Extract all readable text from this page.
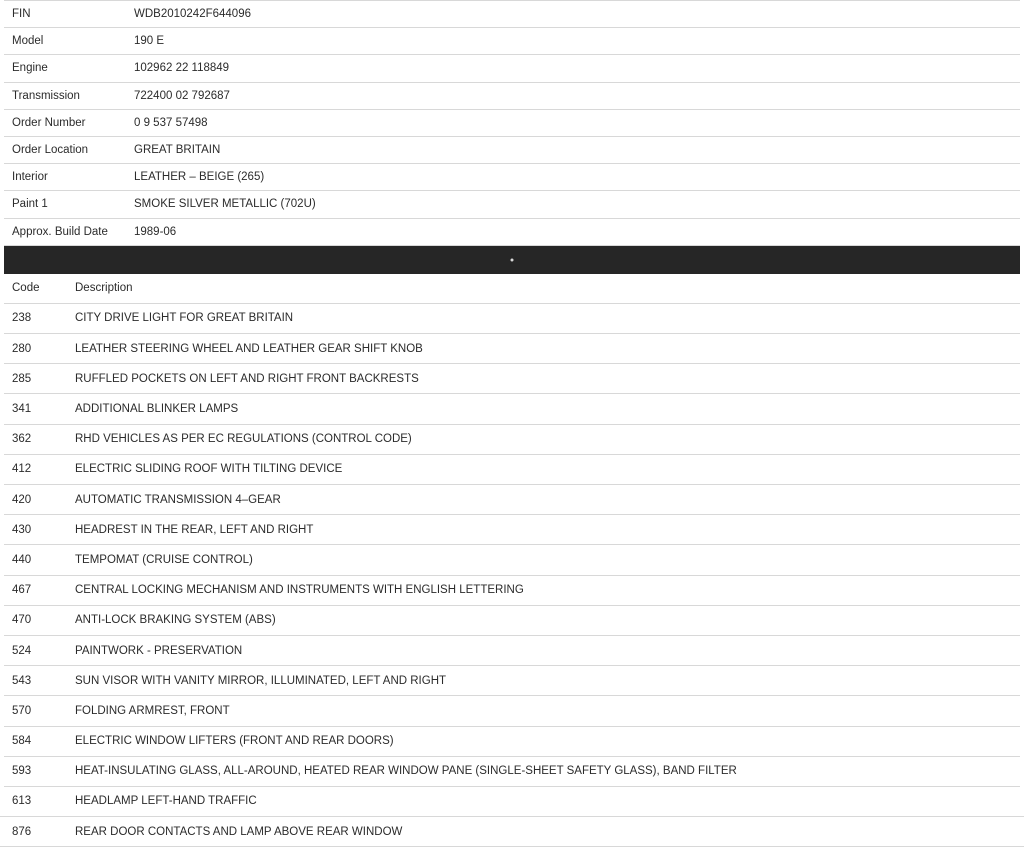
FIN	WDB2010242F644096
Model	190 E
Engine	102962 22 118849
Transmission	722400 02 792687
Order Number	0 9 537 57498
Order Location	GREAT BRITAIN
Interior	LEATHER – BEIGE (265)
Paint 1	SMOKE SILVER METALLIC (702U)
Approx. Build Date	1989-06
Code	Description
238	CITY DRIVE LIGHT FOR GREAT BRITAIN
280	LEATHER STEERING WHEEL AND LEATHER GEAR SHIFT KNOB
285	RUFFLED POCKETS ON LEFT AND RIGHT FRONT BACKRESTS
341	ADDITIONAL BLINKER LAMPS
362	RHD VEHICLES AS PER EC REGULATIONS (CONTROL CODE)
412	ELECTRIC SLIDING ROOF WITH TILTING DEVICE
420	AUTOMATIC TRANSMISSION 4–GEAR
430	HEADREST IN THE REAR, LEFT AND RIGHT
440	TEMPOMAT (CRUISE CONTROL)
467	CENTRAL LOCKING MECHANISM AND INSTRUMENTS WITH ENGLISH LETTERING
470	ANTI-LOCK BRAKING SYSTEM (ABS)
524	PAINTWORK - PRESERVATION
543	SUN VISOR WITH VANITY MIRROR, ILLUMINATED, LEFT AND RIGHT
570	FOLDING ARMREST, FRONT
584	ELECTRIC WINDOW LIFTERS (FRONT AND REAR DOORS)
593	HEAT-INSULATING GLASS, ALL-AROUND, HEATED REAR WINDOW PANE (SINGLE-SHEET SAFETY GLASS), BAND FILTER
613	HEADLAMP LEFT-HAND TRAFFIC
876	REAR DOOR CONTACTS AND LAMP ABOVE REAR WINDOW
